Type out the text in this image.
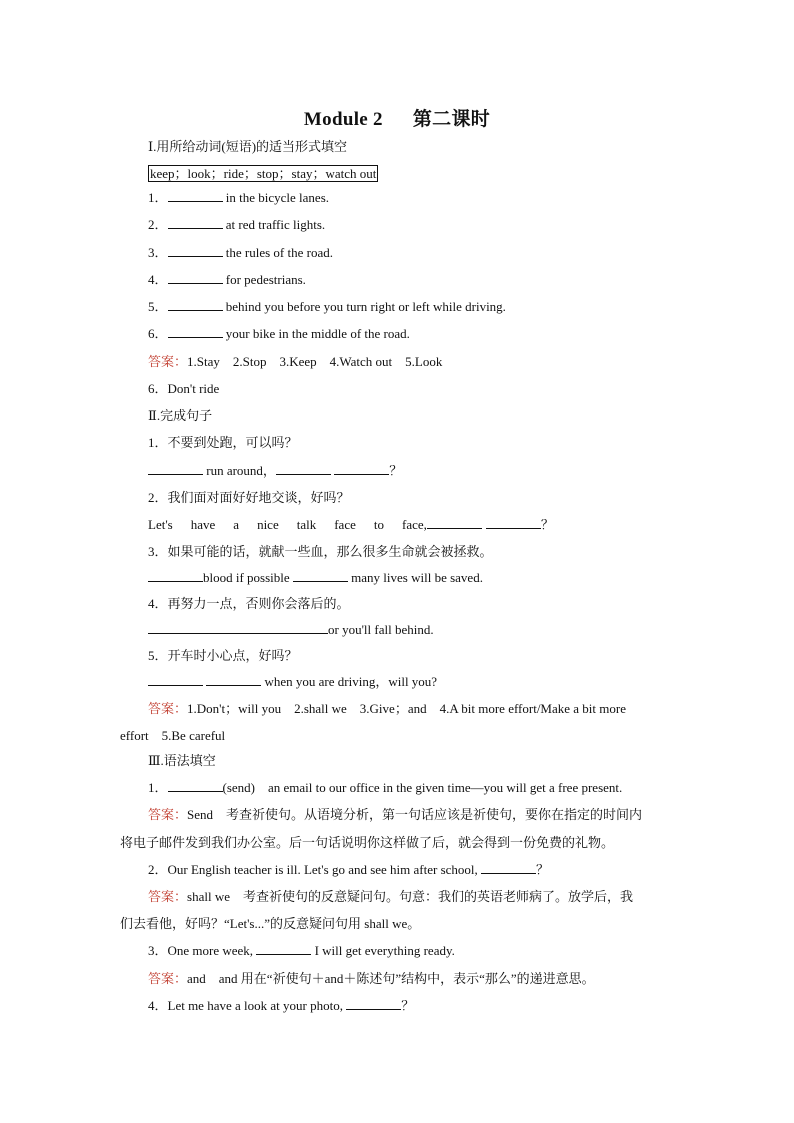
Module 2 第二课时
Ⅰ.用所给动词(短语)的适当形式填空
keep；look；ride；stop；stay；watch out
1．	in the bicycle lanes.
2．	at red traffic lights.
3．	the rules of the road.
4．	for pedestrians.
5．	behind you before you turn right or left while driving.
6．	your bike in the middle of the road.
答案：1.Stay　2.Stop　3.Keep　4.Watch out　5.Look
6．Don't ride
Ⅱ.完成句子
1．不要到处跑，可以吗？
run around，	？
2．我们面对面好好地交谈，好吗？
Let's have a nice talk face to face,	？
3．如果可能的话，就献一些血，那么很多生命就会被拯救。
blood if possible	many lives will be saved.
4．再努力一点，否则你会落后的。
or you'll fall behind.
5．开车时小心点，好吗？
when you are driving，will you?
答案：1.Don't；will you　2.shall we　3.Give；and　4.A bit more effort/Make a bit more
effort　5.Be careful
Ⅲ.语法填空
1．	(send)　an email to our office in the given time—you will get a free present.
答案：Send　考查祈使句。从语境分析，第一句话应该是祈使句，要你在指定的时间内
将电子邮件发到我们办公室。后一句话说明你这样做了后，就会得到一份免费的礼物。
2．Our English teacher is ill. Let's go and see him after school,	？
答案：shall we　考查祈使句的反意疑问句。句意：我们的英语老师病了。放学后，我
们去看他，好吗？“Let's...”的反意疑问句用 shall we。
3．One more week,	I will get everything ready.
答案：and　and 用在“祈使句＋and＋陈述句”结构中，表示“那么”的递进意思。
4．Let me have a look at your photo,	？
